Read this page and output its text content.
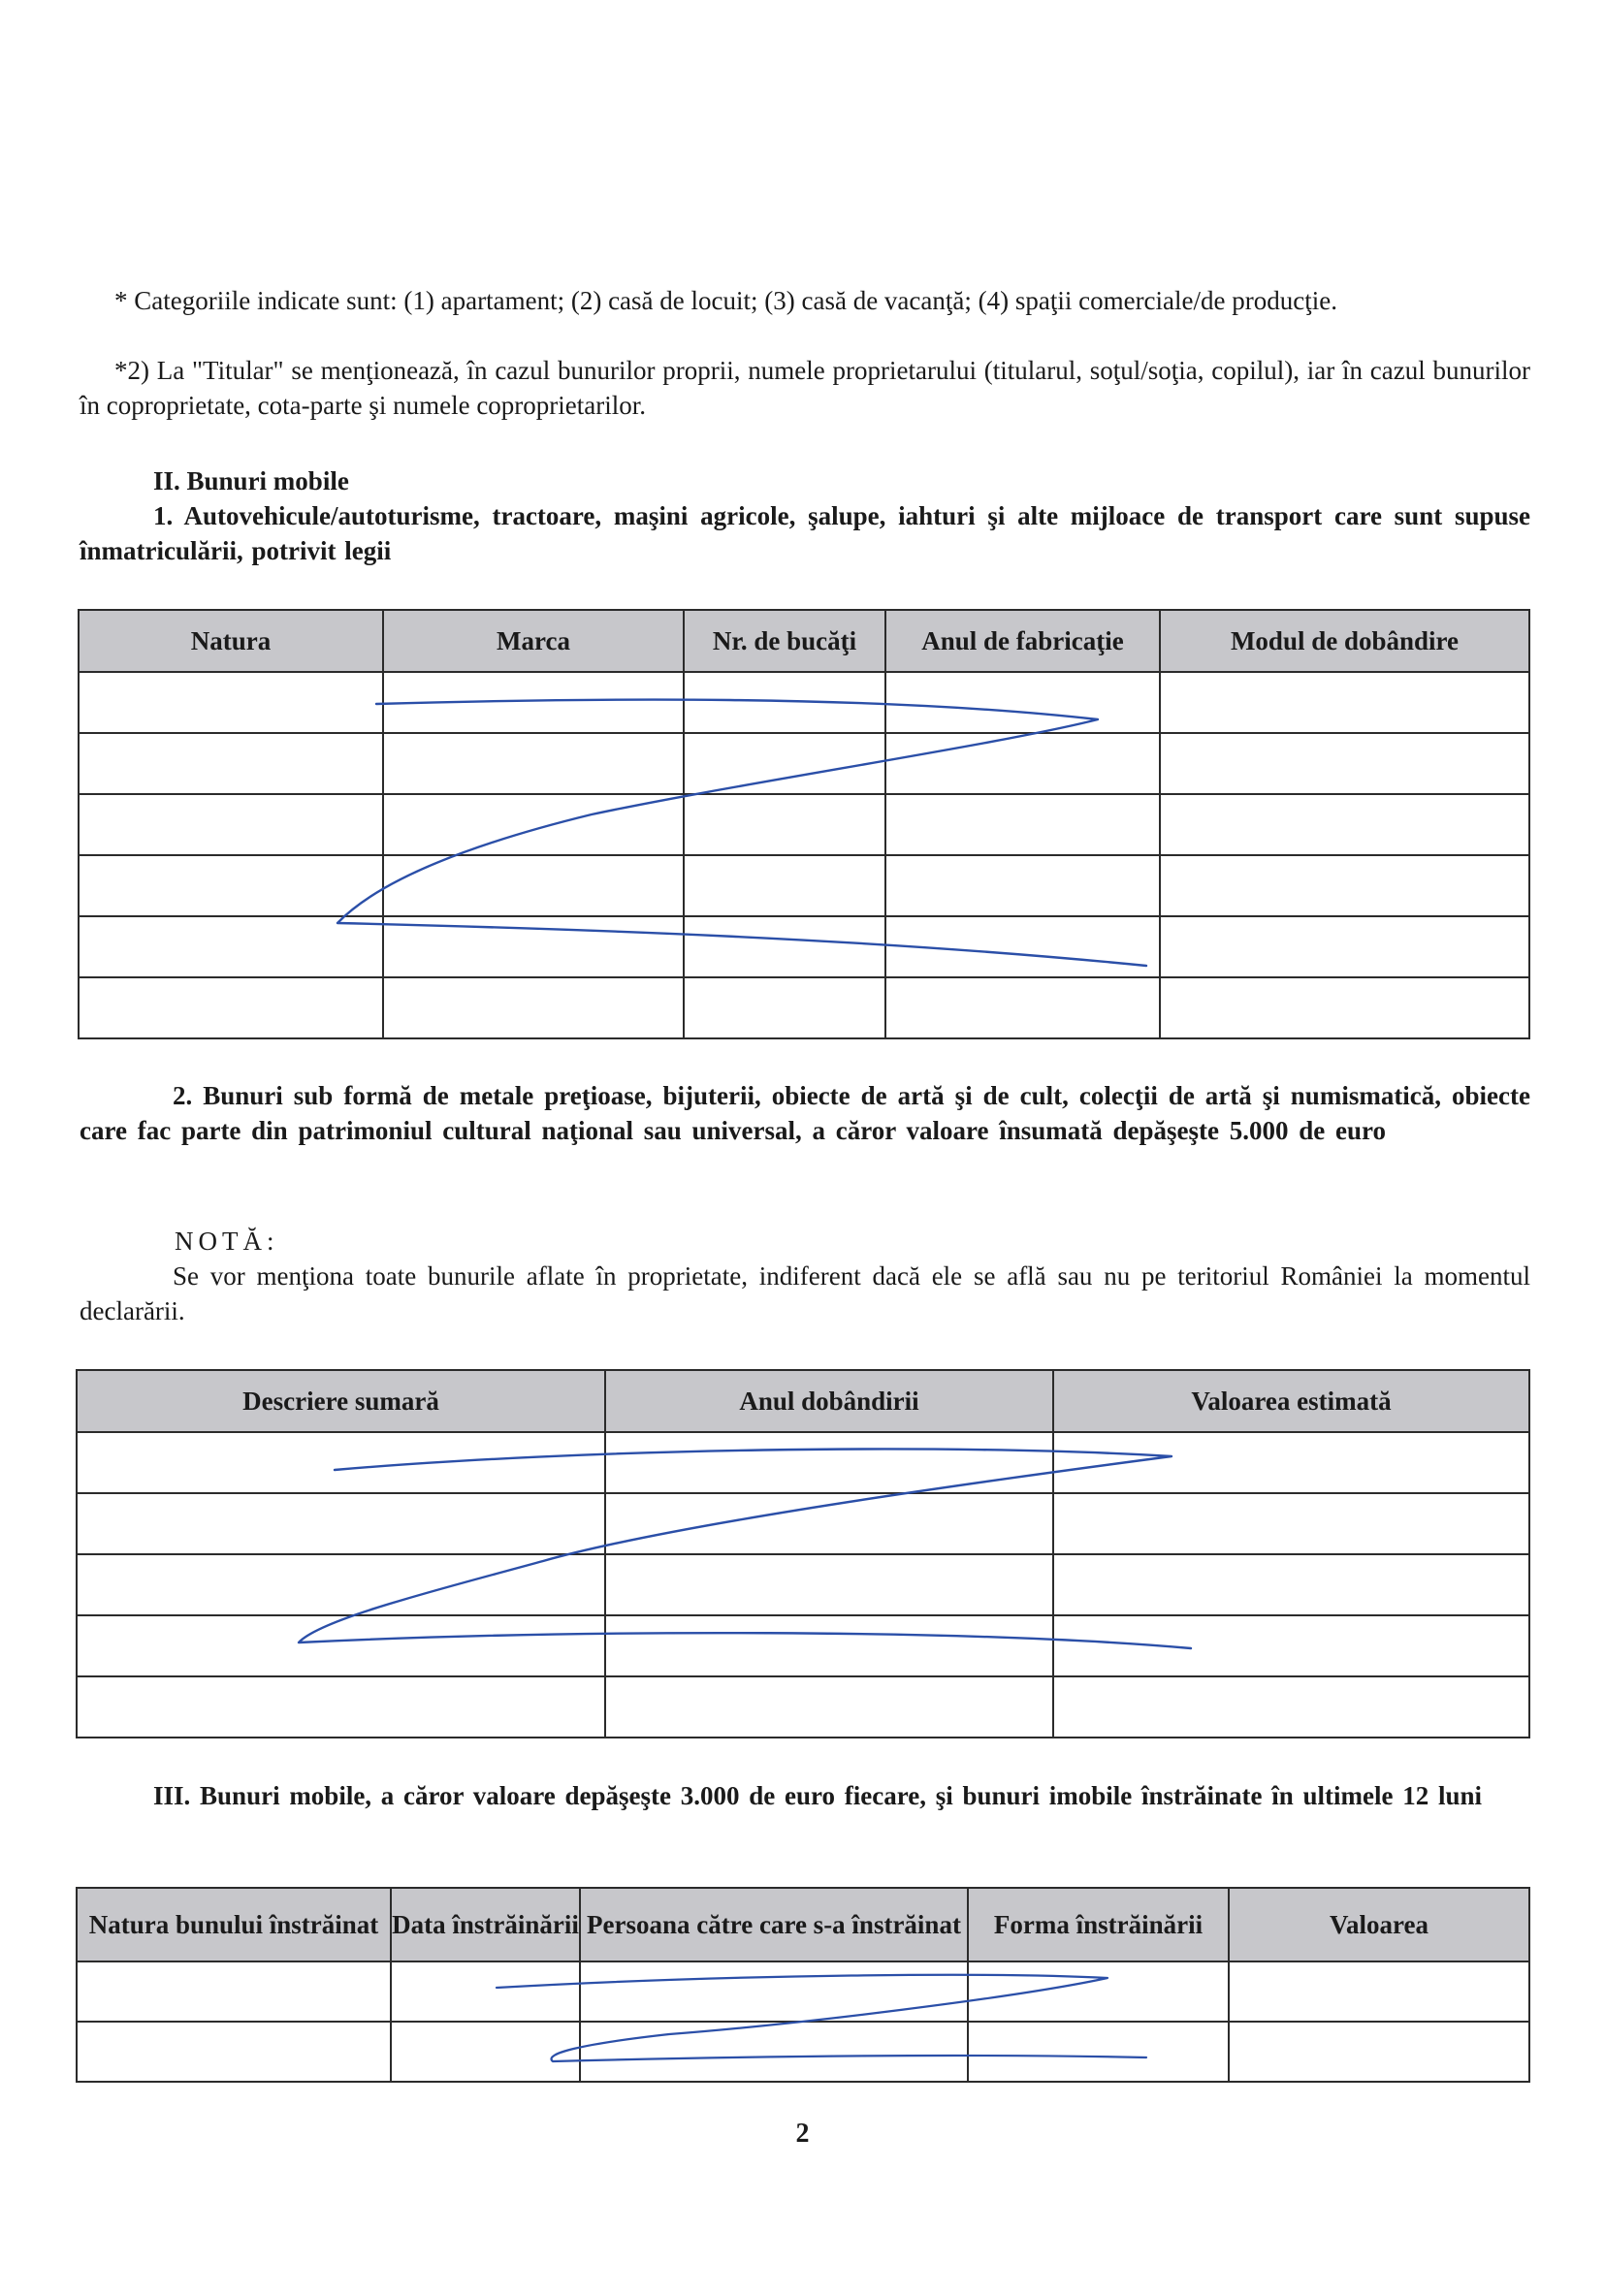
* Categoriile indicate sunt: (1) apartament; (2) casă de locuit; (3) casă de vacanţă; (4) spaţii comerciale/de producţie.

*2) La "Titular" se menţionează, în cazul bunurilor proprii, numele proprietarului (titularul, soţul/soţia, copilul), iar în cazul bunurilor în coproprietate, cota-parte şi numele coproprietarilor.

II. Bunuri mobile

1. Autovehicule/autoturisme, tractoare, maşini agricole, şalupe, iahturi şi alte mijloace de transport care sunt supuse înmatriculării, potrivit legii

Natura	Marca	Nr. de bucăţi	Anul de fabricaţie	Modul de dobândire

2. Bunuri sub formă de metale preţioase, bijuterii, obiecte de artă şi de cult, colecţii de artă şi numismatică, obiecte care fac parte din patrimoniul cultural naţional sau universal, a căror valoare însumată depăşeşte 5.000 de euro

NOTĂ:

Se vor menţiona toate bunurile aflate în proprietate, indiferent dacă ele se află sau nu pe teritoriul României la momentul declarării.

Descriere sumară	Anul dobândirii	Valoarea estimată

III. Bunuri mobile, a căror valoare depăşeşte 3.000 de euro fiecare, şi bunuri imobile înstrăinate în ultimele 12 luni

Natura bunului înstrăinat	Data înstrăinării	Persoana către care s-a înstrăinat	Forma înstrăinării	Valoarea

2
